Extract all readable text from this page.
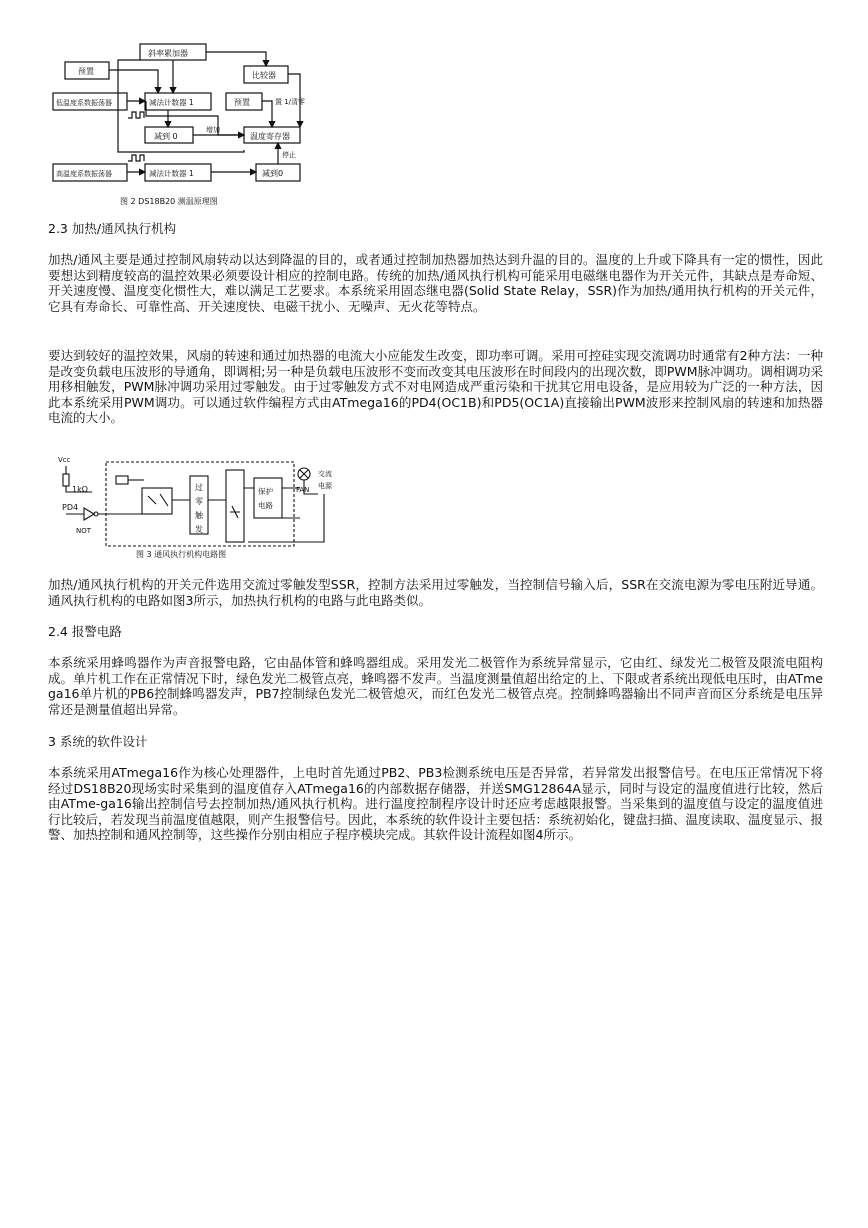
斜率累加器
预置	比较器
低温度系数振荡器	减法计数器 1	预置	置 1/清零
减到 0
增加
温度寄存器
停止
高温度系数振荡器	减法计数器 1	减到0
图 2 DS18B20 测温原理图
2.3 加热/通风执行机构

加热/通风主要是通过控制风扇转动以达到降温的目的，或者通过控制加热器加热达到升温的目的。温度的上升或下降具有一定的惯性，因此要想达到精度较高的温控效果必须要设计相应的控制电路。传统的加热/通风执行机构可能采用电磁继电器作为开关元件，其缺点是寿命短、开关速度慢、温度变化惯性大，难以满足工艺要求。本系统采用固态继电器(Solid State Relay，SSR)作为加热/通用执行机构的开关元件，它具有寿命长、可靠性高、开关速度快、电磁干扰小、无噪声、无火花等特点。

要达到较好的温控效果，风扇的转速和通过加热器的电流大小应能发生改变，即功率可调。采用可控硅实现交流调功时通常有2种方法：一种是改变负载电压波形的导通角，即调相;另一种是负载电压波形不变而改变其电压波形在时间段内的出现次数，即PWM脉冲调功。调相调功采用移相触发，PWM脉冲调功采用过零触发。由于过零触发方式不对电网造成严重污染和干扰其它用电设备，是应用较为广泛的一种方法，因此本系统采用PWM调功。可以通过软件编程方式由ATmega16的PD4(OC1B)和PD5(OC1A)直接输出PWM波形来控制风扇的转速和加热器电流的大小。

Vcc
1kΩ
PD4
NOT
过
零
触
发
保护
电路
FAN
交流
电源
图 3 通风执行机构电路图

加热/通风执行机构的开关元件选用交流过零触发型SSR，控制方法采用过零触发，当控制信号输入后，SSR在交流电源为零电压附近导通。通风执行机构的电路如图3所示，加热执行机构的电路与此电路类似。

2.4 报警电路

本系统采用蜂鸣器作为声音报警电路，它由晶体管和蜂鸣器组成。采用发光二极管作为系统异常显示，它由红、绿发光二极管及限流电阻构成。单片机工作在正常情况下时，绿色发光二极管点亮，蜂鸣器不发声。当温度测量值超出给定的上、下限或者系统出现低电压时，由ATmega16单片机的PB6控制蜂鸣器发声，PB7控制绿色发光二极管熄灭，而红色发光二极管点亮。控制蜂鸣器输出不同声音而区分系统是电压异常还是测量值超出异常。

3 系统的软件设计

本系统采用ATmega16作为核心处理器件，上电时首先通过PB2、PB3检测系统电压是否异常，若异常发出报警信号。在电压正常情况下将经过DS18B20现场实时采集到的温度值存入ATmega16的内部数据存储器，并送SMG12864A显示，同时与设定的温度值进行比较，然后由ATme-ga16输出控制信号去控制加热/通风执行机构。进行温度控制程序设计时还应考虑越限报警。当采集到的温度值与设定的温度值进行比较后，若发现当前温度值越限，则产生报警信号。因此，本系统的软件设计主要包括：系统初始化，键盘扫描、温度读取、温度显示、报警、加热控制和通风控制等，这些操作分别由相应子程序模块完成。其软件设计流程如图4所示。
